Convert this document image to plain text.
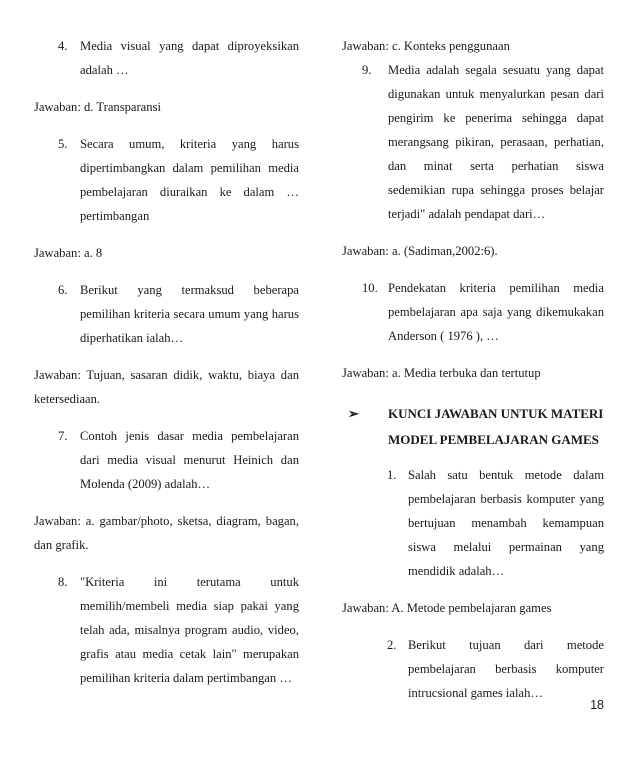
4. Media visual yang dapat diproyeksikan adalah …
Jawaban: d. Transparansi
5. Secara umum, kriteria yang harus dipertimbangkan dalam pemilihan media pembelajaran diuraikan ke dalam … pertimbangan
Jawaban: a. 8
6. Berikut yang termaksud beberapa pemilihan kriteria secara umum yang harus diperhatikan ialah…
Jawaban: Tujuan, sasaran didik, waktu, biaya dan ketersediaan.
7. Contoh jenis dasar media pembelajaran dari media visual menurut Heinich dan Molenda (2009) adalah…
Jawaban: a. gambar/photo, sketsa, diagram, bagan, dan grafik.
8. "Kriteria ini terutama untuk memilih/membeli media siap pakai yang telah ada, misalnya program audio, video, grafis atau media cetak lain" merupakan pemilihan kriteria dalam pertimbangan …
Jawaban: c. Konteks penggunaan
9.	Media adalah segala sesuatu yang dapat digunakan untuk menyalurkan pesan dari pengirim ke penerima sehingga dapat merangsang pikiran, perasaan, perhatian, dan minat serta perhatian siswa sedemikian rupa sehingga proses belajar terjadi" adalah pendapat dari…
Jawaban: a. (Sadiman,2002:6).
10. Pendekatan kriteria pemilihan media pembelajaran apa saja yang dikemukakan Anderson ( 1976 ), …
Jawaban: a. Media terbuka dan tertutup
➢	KUNCI JAWABAN UNTUK MATERI MODEL PEMBELAJARAN GAMES
1. Salah satu bentuk metode dalam pembelajaran berbasis komputer yang bertujuan menambah kemampuan siswa melalui permainan yang mendidik adalah…
Jawaban: A. Metode pembelajaran games
2. Berikut tujuan dari metode pembelajaran berbasis komputer intrucsional games ialah…
18
